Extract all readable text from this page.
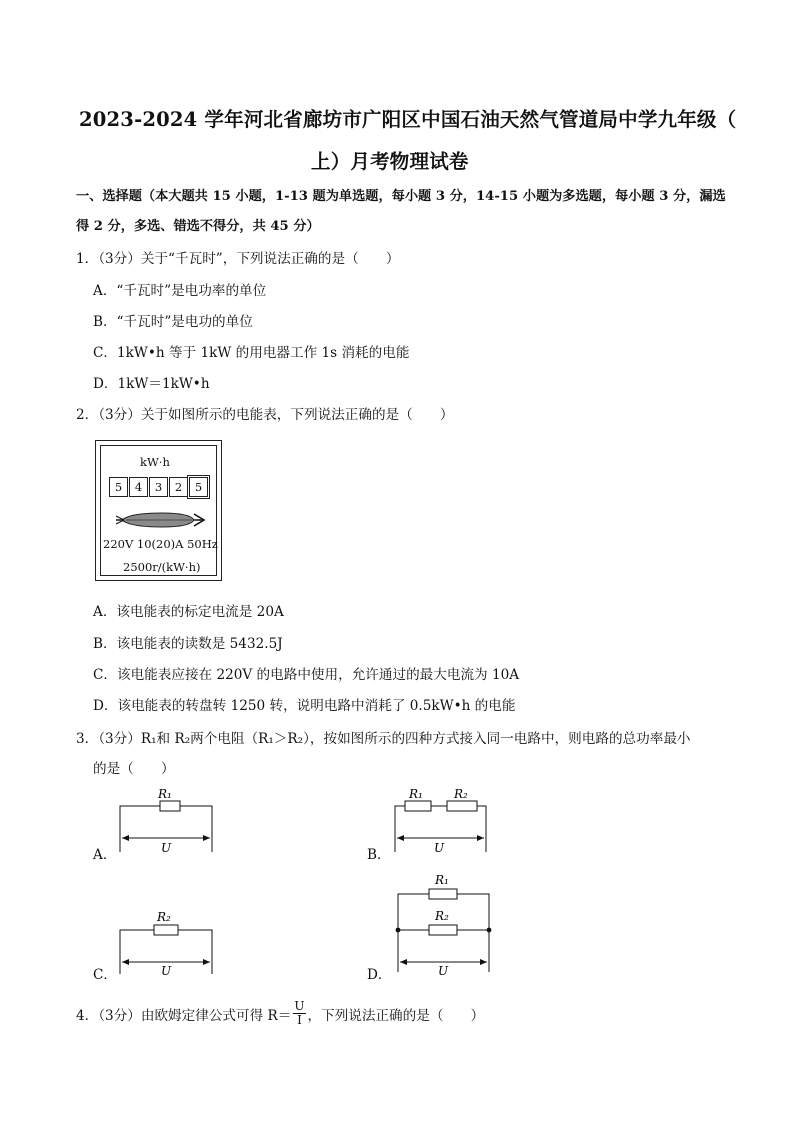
2023-2024 学年河北省廊坊市广阳区中国石油天然气管道局中学九年级（
上）月考物理试卷
一、选择题（本大题共 15 小题，1-13 题为单选题，每小题 3 分，14-15 小题为多选题，每小题 3 分，漏选
得 2 分，多选、错选不得分，共 45 分）
1．（3分）关于“千瓦时”，下列说法正确的是（　　）
A．“千瓦时”是电功率的单位
B．“千瓦时”是电功的单位
C．1kW•h 等于 1kW 的用电器工作 1s 消耗的电能
D．1kW＝1kW•h
2．（3分）关于如图所示的电能表，下列说法正确的是（　　）
kW·h
5	4	3	2	5
220V 10(20)A 50Hz
2500r/(kW·h)
A．该电能表的标定电流是 20A
B．该电能表的读数是 5432.5J
C．该电能表应接在 220V 的电路中使用，允许通过的最大电流为 10A
D．该电能表的转盘转 1250 转，说明电路中消耗了 0.5kW•h 的电能
3．（3分）R₁和 R₂两个电阻（R₁＞R₂），按如图所示的四种方式接入同一电路中，则电路的总功率最小
的是（　　）
A．
R₁
U	B．
R₁	R₂
U
C．
R₂
U	D．
R₁
R₂
U
4．（3分）由欧姆定律公式可得 $R= \frac{U}{I}$ ，下列说法正确的是（　　）
